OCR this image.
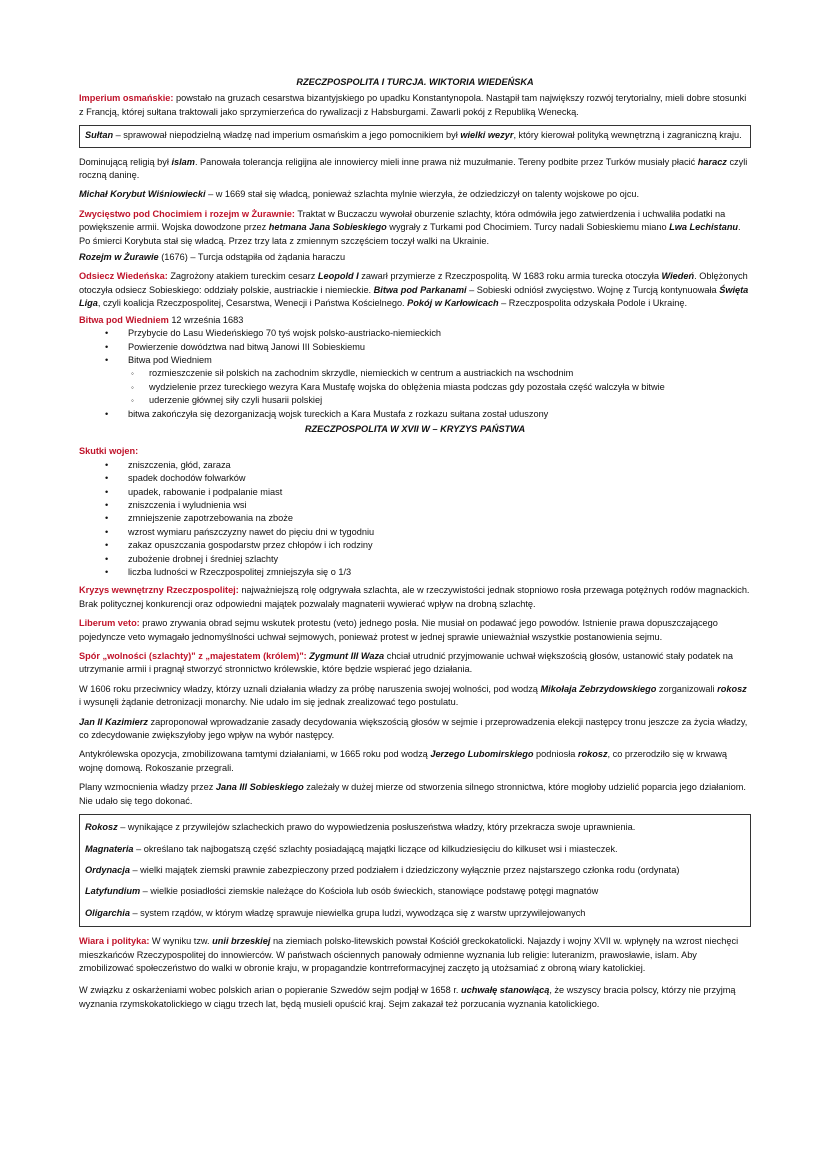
RZECZPOSPOLITA I TURCJA. WIKTORIA WIEDEŃSKA

Imperium osmańskie: powstało na gruzach cesarstwa bizantyjskiego po upadku Konstantynopola. Nastąpił tam największy rozwój terytorialny, mieli dobre stosunki z Francją, której sułtana traktowali jako sprzymierzeńca do rywalizacji z Habsburgami. Zawarli pokój z Republiką Wenecką.

Sułtan – sprawował niepodzielną władzę nad imperium osmańskim a jego pomocnikiem był wielki wezyr, który kierował polityką wewnętrzną i zagraniczną kraju.

Dominującą religią był islam. Panowała tolerancja religijna ale innowiercy mieli inne prawa niż muzułmanie. Tereny podbite przez Turków musiały płacić haracz czyli roczną daninę.

Michał Korybut Wiśniowiecki – w 1669 stał się władcą, ponieważ szlachta mylnie wierzyła, że odziedziczył on talenty wojskowe po ojcu.

Zwycięstwo pod Chocimiem i rozejm w Żurawnie: Traktat w Buczaczu wywołał oburzenie szlachty, która odmówiła jego zatwierdzenia i uchwaliła podatki na powiększenie armii. Wojska dowodzone przez hetmana Jana Sobieskiego wygrały z Turkami pod Chocimiem. Turcy nadali Sobieskiemu miano Lwa Lechistanu. Po śmierci Korybuta stał się władcą. Przez trzy lata z zmiennym szczęściem toczył walki na Ukrainie.

Rozejm w Żurawie (1676) – Turcja odstąpiła od żądania haraczu

Odsiecz Wiedeńska: Zagrożony atakiem tureckim cesarz Leopold I zawarł przymierze z Rzeczpospolitą. W 1683 roku armia turecka otoczyła Wiedeń. Oblężonych otoczyła odsiecz Sobieskiego: oddziały polskie, austriackie i niemieckie. Bitwa pod Parkanami – Sobieski odniósł zwycięstwo. Wojnę z Turcją kontynuowała Święta Liga, czyli koalicja Rzeczpospolitej, Cesarstwa, Wenecji i Państwa Kościelnego. Pokój w Karłowicach – Rzeczpospolita odzyskała Podole i Ukrainę.

Bitwa pod Wiedniem 12 września 1683

• Przybycie do Lasu Wiedeńskiego 70 tyś wojsk polsko-austriacko-niemieckich
• Powierzenie dowództwa nad bitwą Janowi III Sobieskiemu
• Bitwa pod Wiedniem
◦ rozmieszczenie sił polskich na zachodnim skrzydle, niemieckich w centrum a austriackich na wschodnim
◦ wydzielenie przez tureckiego wezyra Kara Mustafę wojska do oblężenia miasta podczas gdy pozostała część walczyła w bitwie
◦ uderzenie głównej siły czyli husarii polskiej
• bitwa zakończyła się dezorganizacją wojsk tureckich a Kara Mustafa z rozkazu sułtana został uduszony

RZECZPOSPOLITA W XVII W – KRYZYS PAŃSTWA

Skutki wojen:

• zniszczenia, głód, zaraza
• spadek dochodów folwarków
• upadek, rabowanie i podpalanie miast
• zniszczenia i wyludnienia wsi
• zmniejszenie zapotrzebowania na zboże
• wzrost wymiaru pańszczyzny nawet do pięciu dni w tygodniu
• zakaz opuszczania gospodarstw przez chłopów i ich rodziny
• zubożenie drobnej i średniej szlachty
• liczba ludności w Rzeczpospolitej zmniejszyła się o 1/3

Kryzys wewnętrzny Rzeczpospolitej: najważniejszą rolę odgrywała szlachta, ale w rzeczywistości jednak stopniowo rosła przewaga potężnych rodów magnackich. Brak politycznej konkurencji oraz odpowiedni majątek pozwalały magnaterii wywierać wpływ na drobną szlachtę.

Liberum veto: prawo zrywania obrad sejmu wskutek protestu (veto) jednego posła. Nie musiał on podawać jego powodów. Istnienie prawa dopuszczającego pojedyncze veto wymagało jednomyślności uchwał sejmowych, ponieważ protest w jednej sprawie unieważniał wszystkie postanowienia sejmu.

Spór „wolności (szlachty)" z „majestatem (królem)": Zygmunt III Waza chciał utrudnić przyjmowanie uchwał większością głosów, ustanowić stały podatek na utrzymanie armii i pragnął stworzyć stronnictwo królewskie, które będzie wspierać jego działania.

W 1606 roku przeciwnicy władzy, którzy uznali działania władzy za próbę naruszenia swojej wolności, pod wodzą Mikołaja Zebrzydowskiego zorganizowali rokosz i wysunęli żądanie detronizacji monarchy. Nie udało im się jednak zrealizować tego postulatu.

Jan II Kazimierz zaproponował wprowadzanie zasady decydowania większością głosów w sejmie i przeprowadzenia elekcji następcy tronu jeszcze za życia władzy, co zdecydowanie zwiększyłoby jego wpływ na wybór następcy.

Antykrólewska opozycja, zmobilizowana tamtymi działaniami, w 1665 roku pod wodzą Jerzego Lubomirskiego podniosła rokosz, co przerodziło się w krwawą wojnę domową. Rokoszanie przegrali.

Plany wzmocnienia władzy przez Jana III Sobieskiego zależały w dużej mierze od stworzenia silnego stronnictwa, które mogłoby udzielić poparcia jego działaniom. Nie udało się tego dokonać.

Rokosz – wynikające z przywilejów szlacheckich prawo do wypowiedzenia posłuszeństwa władzy, który przekracza swoje uprawnienia.

Magnateria – określano tak najbogatszą część szlachty posiadającą majątki liczące od kilkudziesięciu do kilkuset wsi i miasteczek.

Ordynacja – wielki majątek ziemski prawnie zabezpieczony przed podziałem i dziedziczony wyłącznie przez najstarszego członka rodu (ordynata)

Latyfundium – wielkie posiadłości ziemskie należące do Kościoła lub osób świeckich, stanowiące podstawę potęgi magnatów

Oligarchia – system rządów, w którym władzę sprawuje niewielka grupa ludzi, wywodząca się z warstw uprzywilejowanych

Wiara i polityka: W wyniku tzw. unii brzeskiej na ziemiach polsko-litewskich powstał Kościół greckokatolicki. Najazdy i wojny XVII w. wpłynęły na wzrost niechęci mieszkańców Rzeczypospolitej do innowierców. W państwach ościennych panowały odmienne wyznania lub religie: luteranizm, prawosławie, islam. Aby zmobilizować społeczeństwo do walki w obronie kraju, w propagandzie kontrreformacyjnej zaczęto ją utożsamiać z obroną wiary katolickiej.

W związku z oskarżeniami wobec polskich arian o popieranie Szwedów sejm podjął w 1658 r. uchwałę stanowiącą, że wszyscy bracia polscy, którzy nie przyjmą wyznania rzymskokatolickiego w ciągu trzech lat, będą musieli opuścić kraj. Sejm zakazał też porzucania wyznania katolickiego.
